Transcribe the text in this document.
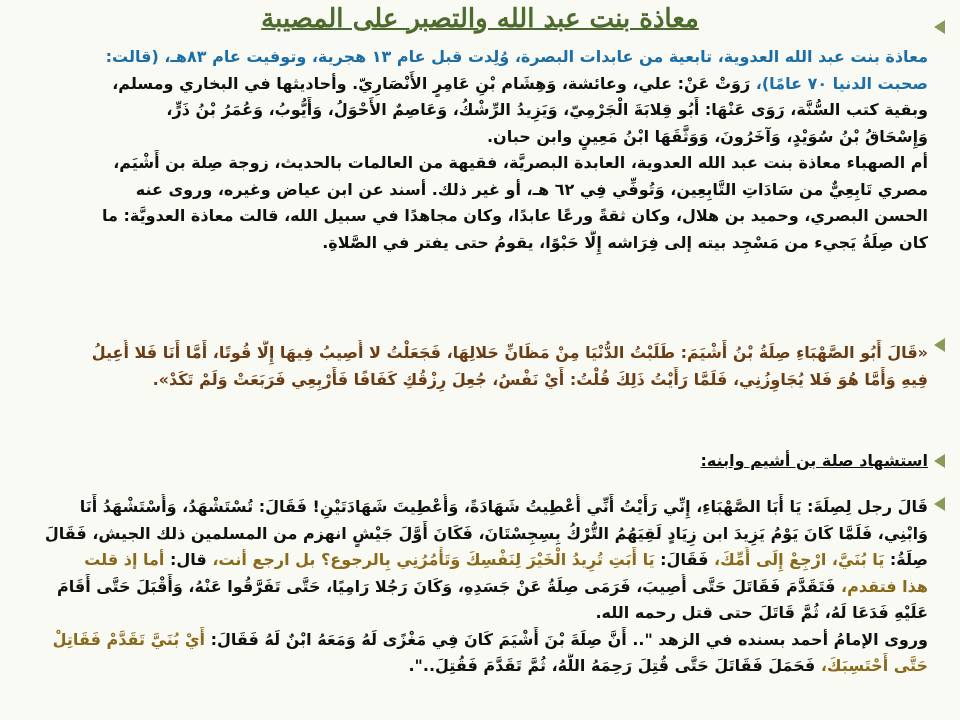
معاذة بنت عبد الله والتصبر على المصيبة
معاذة بنت عبد الله العدوية، تابعية من عابدات البصرة، وُلِدت قبل عام ١٣ هجرية، وتوفيت عام ٨٣هـ، (قالت:
صحبت الدنيا ٧٠ عامًا)، رَوَتْ عَنْ: علي، وعائشة، وَهِشَام بْنِ عَامِرٍ الأَنْصَارِيّ. وأحاديثها في البخاري ومسلم،
وبقية كتب السُّنَّة، رَوَى عَنْهَا: أَبُو قِلابَةَ الْجَرْمِيّ، وَيَزِيدُ الرِّشْكُ، وَعَاصِمٌ الأَحْوَلُ، وَأَيُّوبُ، وَعُمَرُ بْنُ ذَرٍّ،
وَإِسْحَاقُ بْنُ سُوَيْدٍ، وَآخَرُونَ، وَوَثَّقَهَا ابْنُ مَعِينٍ وابن حبان.
أم الصهباء معاذة بنت عبد الله العدوية، العابدة البصريَّة، فقيهة من العالمات بالحديث، زوجة صِلة بن أَشْيَم،
مصري تَابِعِيٌّ من سَادَاتِ التَّابِعِين، وَتُوفِّي فِي ٦٢ هـ، أو غير ذلك. أسند عن ابن عياض وغيره، وروى عنه
الحسن البصري، وحميد بن هلال، وكان ثقةً ورعًا عابدًا، وكان مجاهدًا في سبيل الله، قالت معاذة العدويَّة: ما
كان صِلَةُ يَجيء من مَسْجِد بيته إلى فِرَاشه إِلَّا حَبْوًا، يقومُ حتى يفتر في الصَّلاةِ.
«قَالَ أَبُو الصَّهْبَاءِ صِلَةُ بْنُ أَشْيَمَ: طَلَبْتُ الدُّنْيَا مِنْ مَظَانِّ حَلالِهَا، فَجَعَلْتُ لا أُصِيبُ فِيهَا إِلَّا قُوتًا، أَمَّا أَنَا فَلا أُعِيلُ
فِيهِ وَأَمَّا هُوَ فَلا يُجَاوِزُنِي، فَلَمَّا رَأَيْتُ ذَلِكَ قُلْتُ: أَيْ نَفْسُ، جُعِلَ رِزْقُكِ كَفَافًا فَأَرْبِعِي فَرَبَعَتْ وَلَمْ تَكَدْ».
استشهاد صلة بن أشيم وابنه:
قَالَ رجل لِصِلَةَ: يَا أَبَا الصَّهْبَاءِ، إِنِّي رَأَيْتُ أَنِّي أُعْطِيتُ شَهَادَةً، وَأُعْطِيتَ شَهَادَتَيْنِ! فَقَالَ: تُسْتَشْهَدُ، وَأُسْتَشْهَدُ أَنَا
وَابْنِي، فَلَمَّا كَانَ يَوْمُ يَزِيدَ ابن زِيَادٍ لَقِيَهُمُ التُّرْكُ بِسِجِسْتَانَ، فَكَانَ أَوَّلَ جَيْشٍ انهزم من المسلمين ذلك الجيش، فَقَالَ
صِلَةُ: يَا بُنَيَّ، ارْجِعْ إِلَى أُمِّكَ، فَقَالَ: يَا أَبَتِ تُرِيدُ الْخَيْرَ لِنَفْسِكَ وَتَأْمُرُنِي بِالرجوع؟ بل ارجع أنت، قال: أما إذ قلت
هذا فتقدم، فَتَقَدَّمَ فَقَاتَلَ حَتَّى أُصِيبَ، فَرَمَى صِلَةُ عَنْ جَسَدِهِ، وَكَانَ رَجُلا رَامِيًا، حَتَّى تَفَرَّقُوا عَنْهُ، وَأَقْبَلَ حَتَّى أَقَامَ
عَلَيْهِ فَدَعَا لَهُ، ثُمَّ قَاتَلَ حتى قتل رحمه الله.
وروى الإمامُ أحمد بسنده في الزهد ".. أَنَّ صِلَةَ بْنَ أَشْيَمَ كَانَ فِي مَغْزًى لَهُ وَمَعَهُ ابْنٌ لَهُ فَقَالَ: أَيْ بُنَيَّ تَقَدَّمْ فَقَاتِلْ
حَتَّى أَحْتَسِبَكَ، فَحَمَلَ فَقَاتَلَ حَتَّى قُتِلَ رَحِمَهُ اللَّهُ، ثُمَّ تَقَدَّمَ فَقُتِلَ..".
